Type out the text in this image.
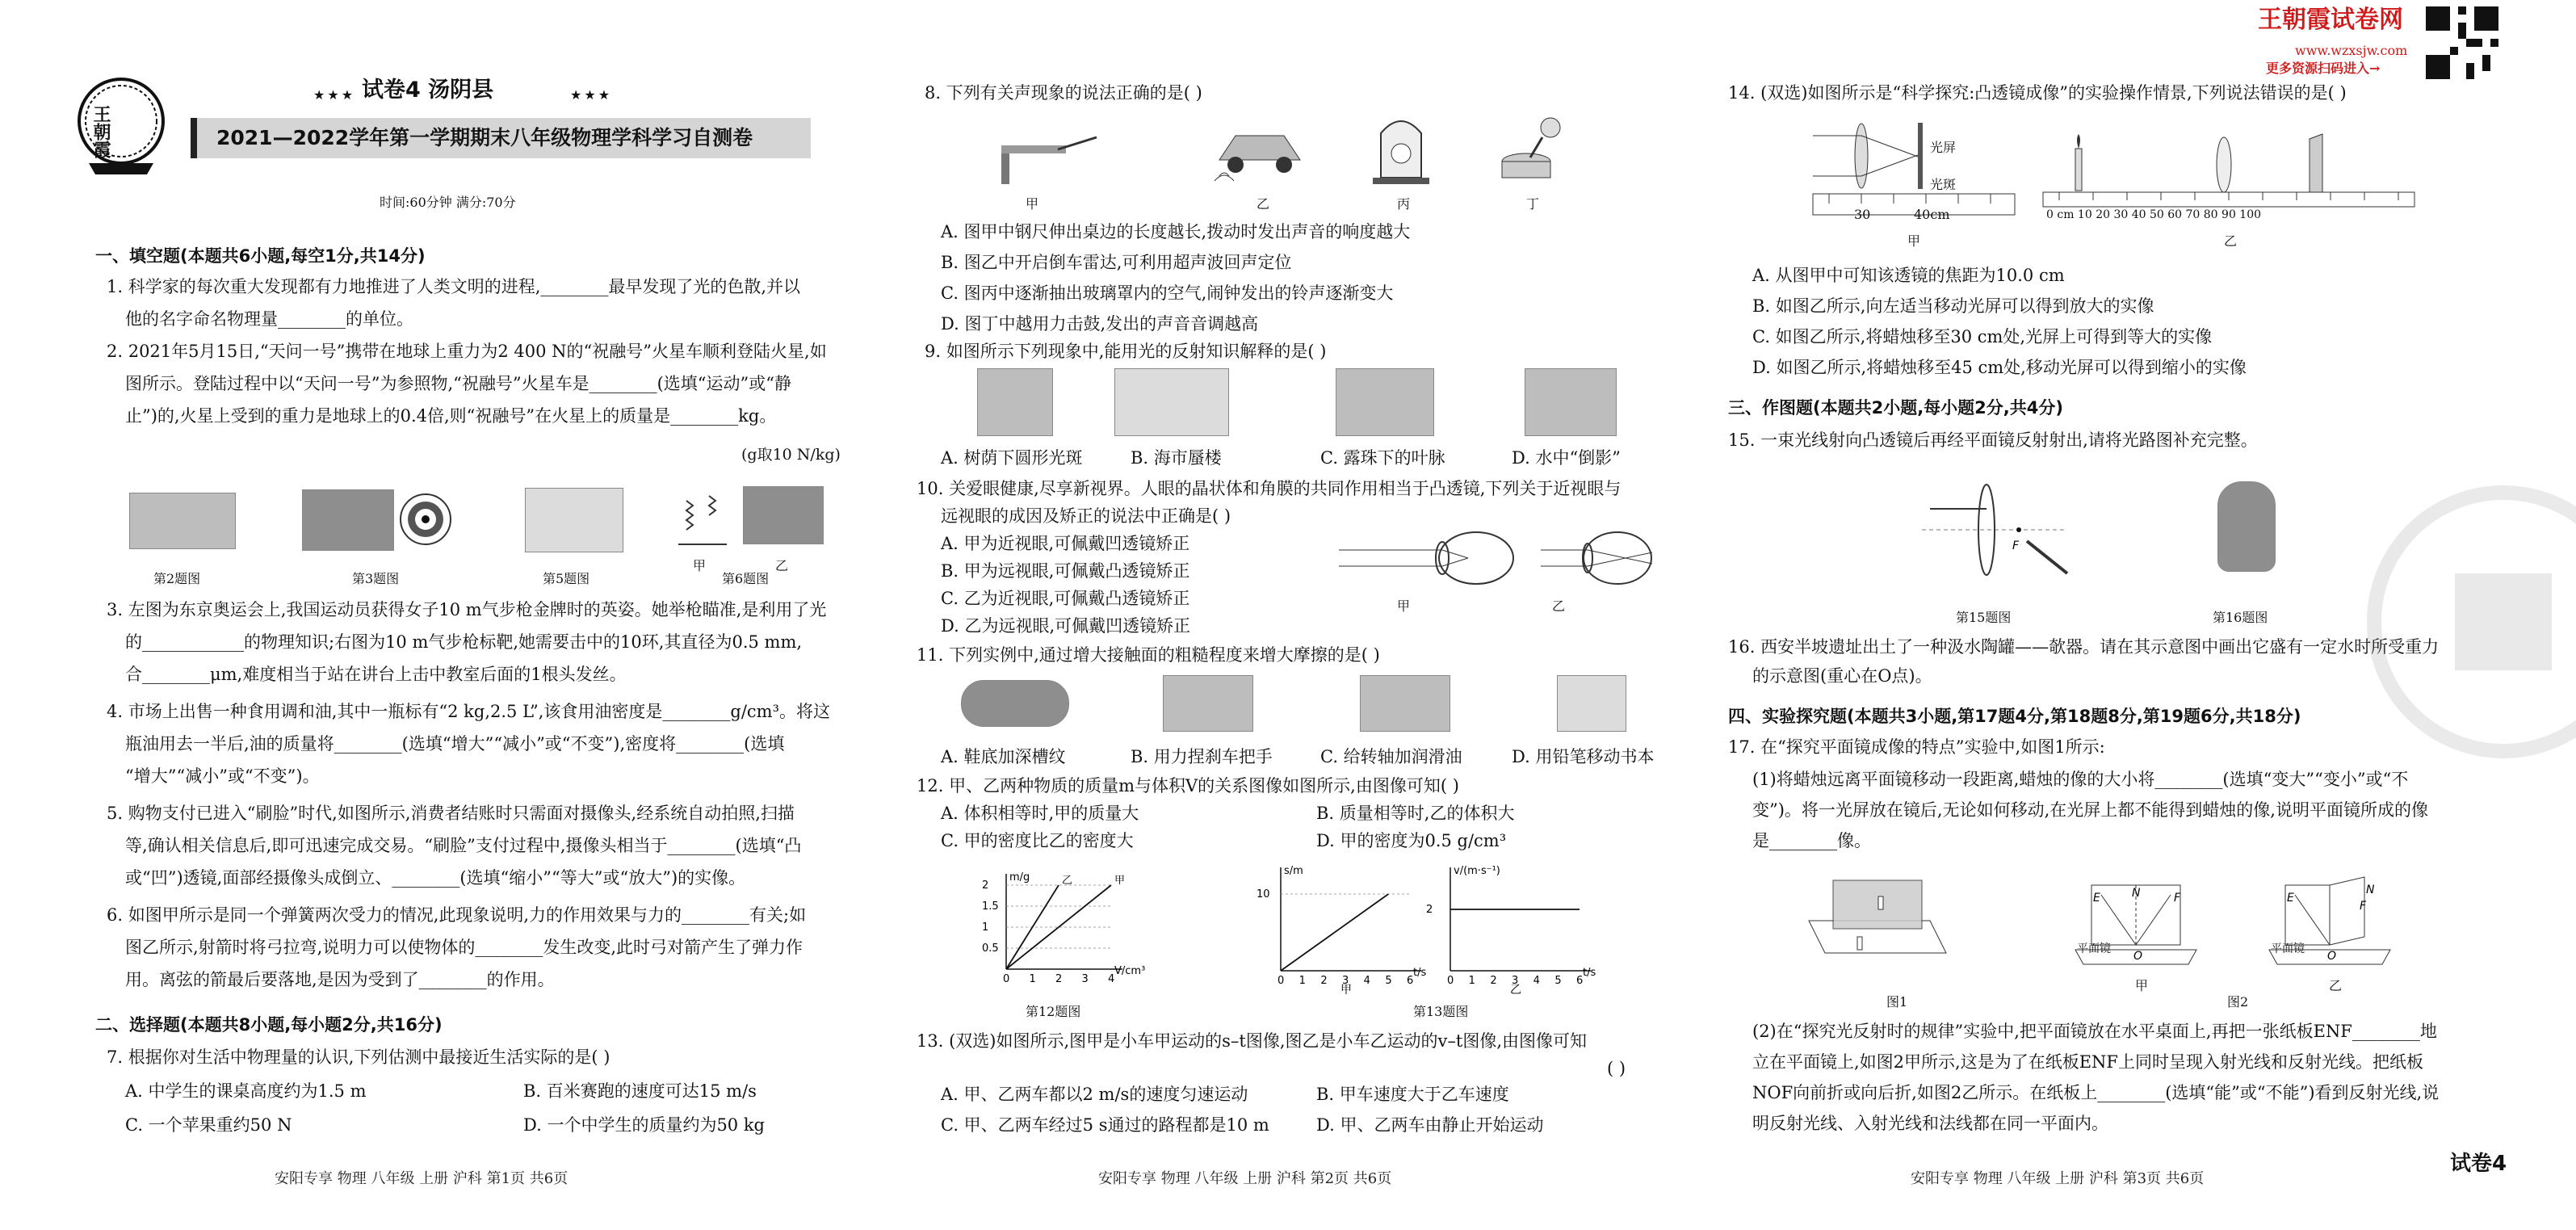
王朝霞
★★★ 试卷4 汤阴县	★★★
2021—2022学年第一学期期末八年级物理学科学习自测卷
时间:60分钟 满分:70分
一、填空题(本题共6小题,每空1分,共14分)
1. 科学家的每次重大发现都有力地推进了人类文明的进程,________最早发现了光的色散,并以
他的名字命名物理量________的单位。
2. 2021年5月15日,“天问一号”携带在地球上重力为2 400 N的“祝融号”火星车顺利登陆火星,如
图所示。登陆过程中以“天问一号”为参照物,“祝融号”火星车是________(选填“运动”或“静
止”)的,火星上受到的重力是地球上的0.4倍,则“祝融号”在火星上的质量是________kg。
(g取10 N/kg)
甲	乙
第2题图	第3题图	第5题图	第6题图
3. 左图为东京奥运会上,我国运动员获得女子10 m气步枪金牌时的英姿。她举枪瞄准,是利用了光
的____________的物理知识;右图为10 m气步枪标靶,她需要击中的10环,其直径为0.5 mm,
合________μm,难度相当于站在讲台上击中教室后面的1根头发丝。
4. 市场上出售一种食用调和油,其中一瓶标有“2 kg,2.5 L”,该食用油密度是________g/cm³。将这
瓶油用去一半后,油的质量将________(选填“增大”“减小”或“不变”),密度将________(选填
“增大”“减小”或“不变”)。
5. 购物支付已进入“刷脸”时代,如图所示,消费者结账时只需面对摄像头,经系统自动拍照,扫描
等,确认相关信息后,即可迅速完成交易。“刷脸”支付过程中,摄像头相当于________(选填“凸
或“凹”)透镜,面部经摄像头成倒立、________(选填“缩小”“等大”或“放大”)的实像。
6. 如图甲所示是同一个弹簧两次受力的情况,此现象说明,力的作用效果与力的________有关;如
图乙所示,射箭时将弓拉弯,说明力可以使物体的________发生改变,此时弓对箭产生了弹力作
用。离弦的箭最后要落地,是因为受到了________的作用。
二、选择题(本题共8小题,每小题2分,共16分)
7. 根据你对生活中物理量的认识,下列估测中最接近生活实际的是( )
A. 中学生的课桌高度约为1.5 m	B. 百米赛跑的速度可达15 m/s
C. 一个苹果重约50 N	D. 一个中学生的质量约为50 kg
安阳专享 物理 八年级 上册 沪科 第1页 共6页
8. 下列有关声现象的说法正确的是( )
甲	乙	丙	丁
A. 图甲中钢尺伸出桌边的长度越长,拨动时发出声音的响度越大
B. 图乙中开启倒车雷达,可利用超声波回声定位
C. 图丙中逐渐抽出玻璃罩内的空气,闹钟发出的铃声逐渐变大
D. 图丁中越用力击鼓,发出的声音音调越高
9. 如图所示下列现象中,能用光的反射知识解释的是( )
A. 树荫下圆形光斑	B. 海市蜃楼	C. 露珠下的叶脉	D. 水中“倒影”
10. 关爱眼健康,尽享新视界。人眼的晶状体和角膜的共同作用相当于凸透镜,下列关于近视眼与
远视眼的成因及矫正的说法中正确是( )
A. 甲为近视眼,可佩戴凹透镜矫正
B. 甲为远视眼,可佩戴凸透镜矫正
C. 乙为近视眼,可佩戴凸透镜矫正
D. 乙为远视眼,可佩戴凹透镜矫正
甲	乙
11. 下列实例中,通过增大接触面的粗糙程度来增大摩擦的是( )
A. 鞋底加深槽纹	B. 用力捏刹车把手	C. 给转轴加润滑油	D. 用铅笔移动书本
12. 甲、乙两种物质的质量m与体积V的关系图像如图所示,由图像可知( )
A. 体积相等时,甲的质量大	B. 质量相等时,乙的体积大
C. 甲的密度比乙的密度大	D. 甲的密度为0.5 g/cm³
V/cm³
m/g
0 1 2 3 4
0.5
1
1.5
2	甲
乙
t/s
s/m
0 1 2 3 4 5 6
10
甲
t/s
v/(m·s⁻¹)
0 1 2 3 4 5 6
2
乙
第12题图	第13题图
13. (双选)如图所示,图甲是小车甲运动的s–t图像,图乙是小车乙运动的v–t图像,由图像可知
( )
A. 甲、乙两车都以2 m/s的速度匀速运动	B. 甲车速度大于乙车速度
C. 甲、乙两车经过5 s通过的路程都是10 m	D. 甲、乙两车由静止开始运动
安阳专享 物理 八年级 上册 沪科 第2页 共6页
王朝霞试卷网
www.wzxsjw.com
更多资源扫码进入→
14. (双选)如图所示是“科学探究:凸透镜成像”的实验操作情景,下列说法错误的是( )
光屏
光斑
30	40cm
甲
0 cm 10 20 30 40 50 60 70 80 90 100
乙
A. 从图甲中可知该透镜的焦距为10.0 cm
B. 如图乙所示,向左适当移动光屏可以得到放大的实像
C. 如图乙所示,将蜡烛移至30 cm处,光屏上可得到等大的实像
D. 如图乙所示,将蜡烛移至45 cm处,移动光屏可以得到缩小的实像
三、作图题(本题共2小题,每小题2分,共4分)
15. 一束光线射向凸透镜后再经平面镜反射射出,请将光路图补充完整。
F
第15题图	第16题图
16. 西安半坡遗址出土了一种汲水陶罐——欹器。请在其示意图中画出它盛有一定水时所受重力
的示意图(重心在O点)。
四、实验探究题(本题共3小题,第17题4分,第18题8分,第19题6分,共18分)
17. 在“探究平面镜成像的特点”实验中,如图1所示:
(1)将蜡烛远离平面镜移动一段距离,蜡烛的像的大小将________(选填“变大”“变小”或“不
变”)。将一光屏放在镜后,无论如何移动,在光屏上都不能得到蜡烛的像,说明平面镜所成的像
是________像。
图1
E	N	F
O
平面镜
甲
E
N
F
O
平面镜
乙
图2
(2)在“探究光反射时的规律”实验中,把平面镜放在水平桌面上,再把一张纸板ENF________地
立在平面镜上,如图2甲所示,这是为了在纸板ENF上同时呈现入射光线和反射光线。把纸板
NOF向前折或向后折,如图2乙所示。在纸板上________(选填“能”或“不能”)看到反射光线,说
明反射光线、入射光线和法线都在同一平面内。
安阳专享 物理 八年级 上册 沪科 第3页 共6页
试卷4
